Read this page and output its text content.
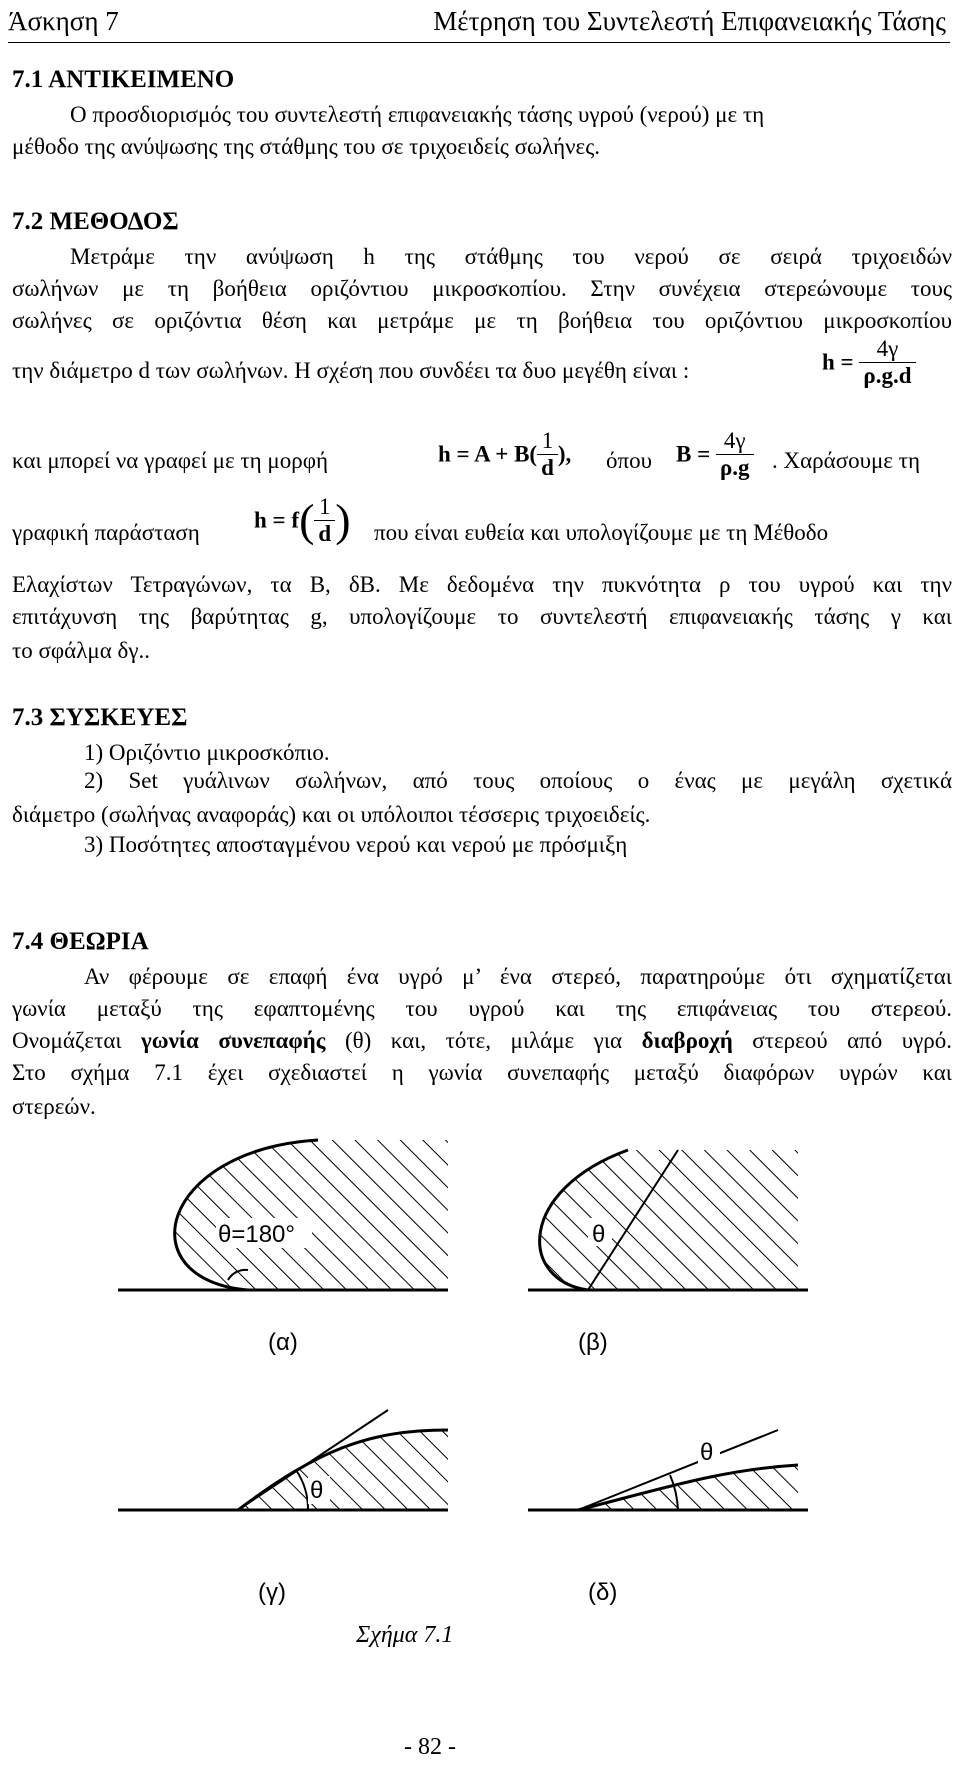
Άσκηση 7	Μέτρηση του Συντελεστή Επιφανειακής Τάσης
7.1 ΑΝΤΙΚΕΙΜΕΝΟ
Ο προσδιορισμός του συντελεστή επιφανειακής τάσης υγρού (νερού) με τη
μέθοδο της ανύψωσης της στάθμης του σε τριχοειδείς σωλήνες.
7.2 ΜΕΘΟΔΟΣ
Μετράμε την ανύψωση h της στάθμης του νερού σε σειρά τριχοειδών
σωλήνων με τη βοήθεια οριζόντιου μικροσκοπίου. Στην συνέχεια στερεώνουμε τους
σωλήνες σε οριζόντια θέση και μετράμε με τη βοήθεια του οριζόντιου μικροσκοπίου
την διάμετρο d των σωλήνων. Η σχέση που συνδέει τα δυο μεγέθη είναι :	$h = \frac{4\gamma}{\rho.g.d}$
και μπορεί να γραφεί με τη μορφή	$h = A + B( \frac{1}{d}$ ), όπου $B = \frac{4\gamma}{\rho.g}$ . Χαράσουμε τη
γραφική παράσταση $h = f( \frac{1}{d}$ ) που είναι ευθεία και υπολογίζουμε με τη Μέθοδο
Ελαχίστων Τετραγώνων, τα Β, δΒ. Με δεδομένα την πυκνότητα ρ του υγρού και την
επιτάχυνση της βαρύτητας g, υπολογίζουμε το συντελεστή επιφανειακής τάσης γ και
το σφάλμα δγ..
7.3 ΣΥΣΚΕΥΕΣ
1) Οριζόντιο μικροσκόπιο.
2) Set γυάλινων σωλήνων, από τους οποίους ο ένας με μεγάλη σχετικά
διάμετρο (σωλήνας αναφοράς) και οι υπόλοιποι τέσσερις τριχοειδείς.
3) Ποσότητες αποσταγμένου νερού και νερού με πρόσμιξη
7.4 ΘΕΩΡΙΑ
Αν φέρουμε σε επαφή ένα υγρό μ’ ένα στερεό, παρατηρούμε ότι σχηματίζεται
γωνία μεταξύ της εφαπτομένης του υγρού και της επιφάνειας του στερεού.
Ονομάζεται γωνία συνεπαφής (θ) και, τότε, μιλάμε για διαβροχή στερεού από υγρό.
Στο σχήμα 7.1 έχει σχεδιαστεί η γωνία συνεπαφής μεταξύ διαφόρων υγρών και
στερεών.
θ=180°
(α)
θ
(β)
θ
(γ)
θ
(δ)
Σχήμα 7.1
- 82 -
